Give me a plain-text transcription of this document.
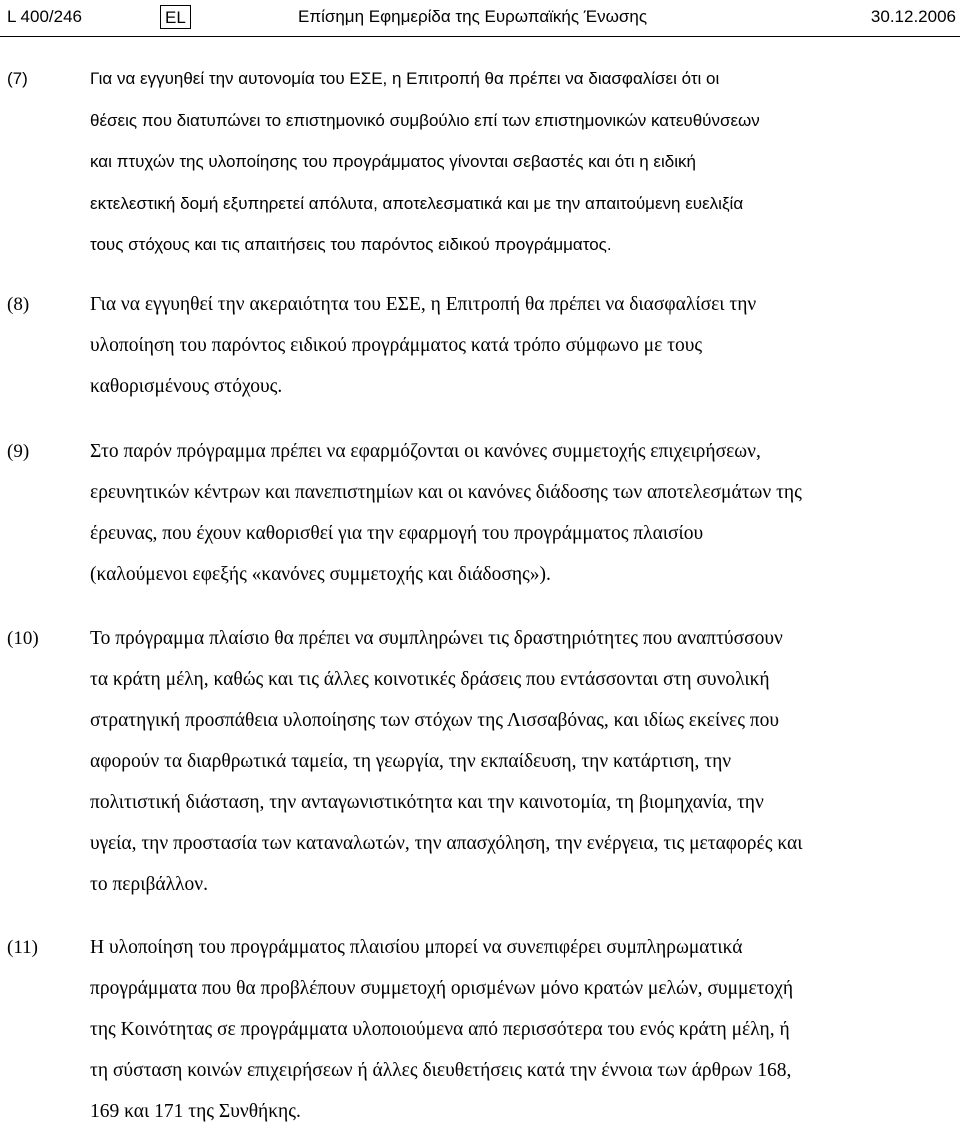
L 400/246	EL	Επίσημη Εφημερίδα της Ευρωπαϊκής Ένωσης	30.12.2006
(7)	Για να εγγυηθεί την αυτονομία του ΕΣΕ, η Επιτροπή θα πρέπει να διασφαλίσει ότι οι
θέσεις που διατυπώνει το επιστημονικό συμβούλιο επί των επιστημονικών κατευθύνσεων
και πτυχών της υλοποίησης του προγράμματος γίνονται σεβαστές και ότι η ειδική
εκτελεστική δομή εξυπηρετεί απόλυτα, αποτελεσματικά και με την απαιτούμενη ευελιξία
τους στόχους και τις απαιτήσεις του παρόντος ειδικού προγράμματος.
(8)	Για να εγγυηθεί την ακεραιότητα του ΕΣΕ, η Επιτροπή θα πρέπει να διασφαλίσει την
υλοποίηση του παρόντος ειδικού προγράμματος κατά τρόπο σύμφωνο με τους
καθορισμένους στόχους.
(9)	Στο παρόν πρόγραμμα πρέπει να εφαρμόζονται οι κανόνες συμμετοχής επιχειρήσεων,
ερευνητικών κέντρων και πανεπιστημίων και οι κανόνες διάδοσης των αποτελεσμάτων της
έρευνας, που έχουν καθορισθεί για την εφαρμογή του προγράμματος πλαισίου
(καλούμενοι εφεξής «κανόνες συμμετοχής και διάδοσης»).
(10)	Το πρόγραμμα πλαίσιο θα πρέπει να συμπληρώνει τις δραστηριότητες που αναπτύσσουν
τα κράτη μέλη, καθώς και τις άλλες κοινοτικές δράσεις που εντάσσονται στη συνολική
στρατηγική προσπάθεια υλοποίησης των στόχων της Λισσαβόνας, και ιδίως εκείνες που
αφορούν τα διαρθρωτικά ταμεία, τη γεωργία, την εκπαίδευση, την κατάρτιση, την
πολιτιστική διάσταση, την ανταγωνιστικότητα και την καινοτομία, τη βιομηχανία, την
υγεία, την προστασία των καταναλωτών, την απασχόληση, την ενέργεια, τις μεταφορές και
το περιβάλλον.
(11)	Η υλοποίηση του προγράμματος πλαισίου μπορεί να συνεπιφέρει συμπληρωματικά
προγράμματα που θα προβλέπουν συμμετοχή ορισμένων μόνο κρατών μελών, συμμετοχή
της Κοινότητας σε προγράμματα υλοποιούμενα από περισσότερα του ενός κράτη μέλη, ή
τη σύσταση κοινών επιχειρήσεων ή άλλες διευθετήσεις κατά την έννοια των άρθρων 168,
169 και 171 της Συνθήκης.
